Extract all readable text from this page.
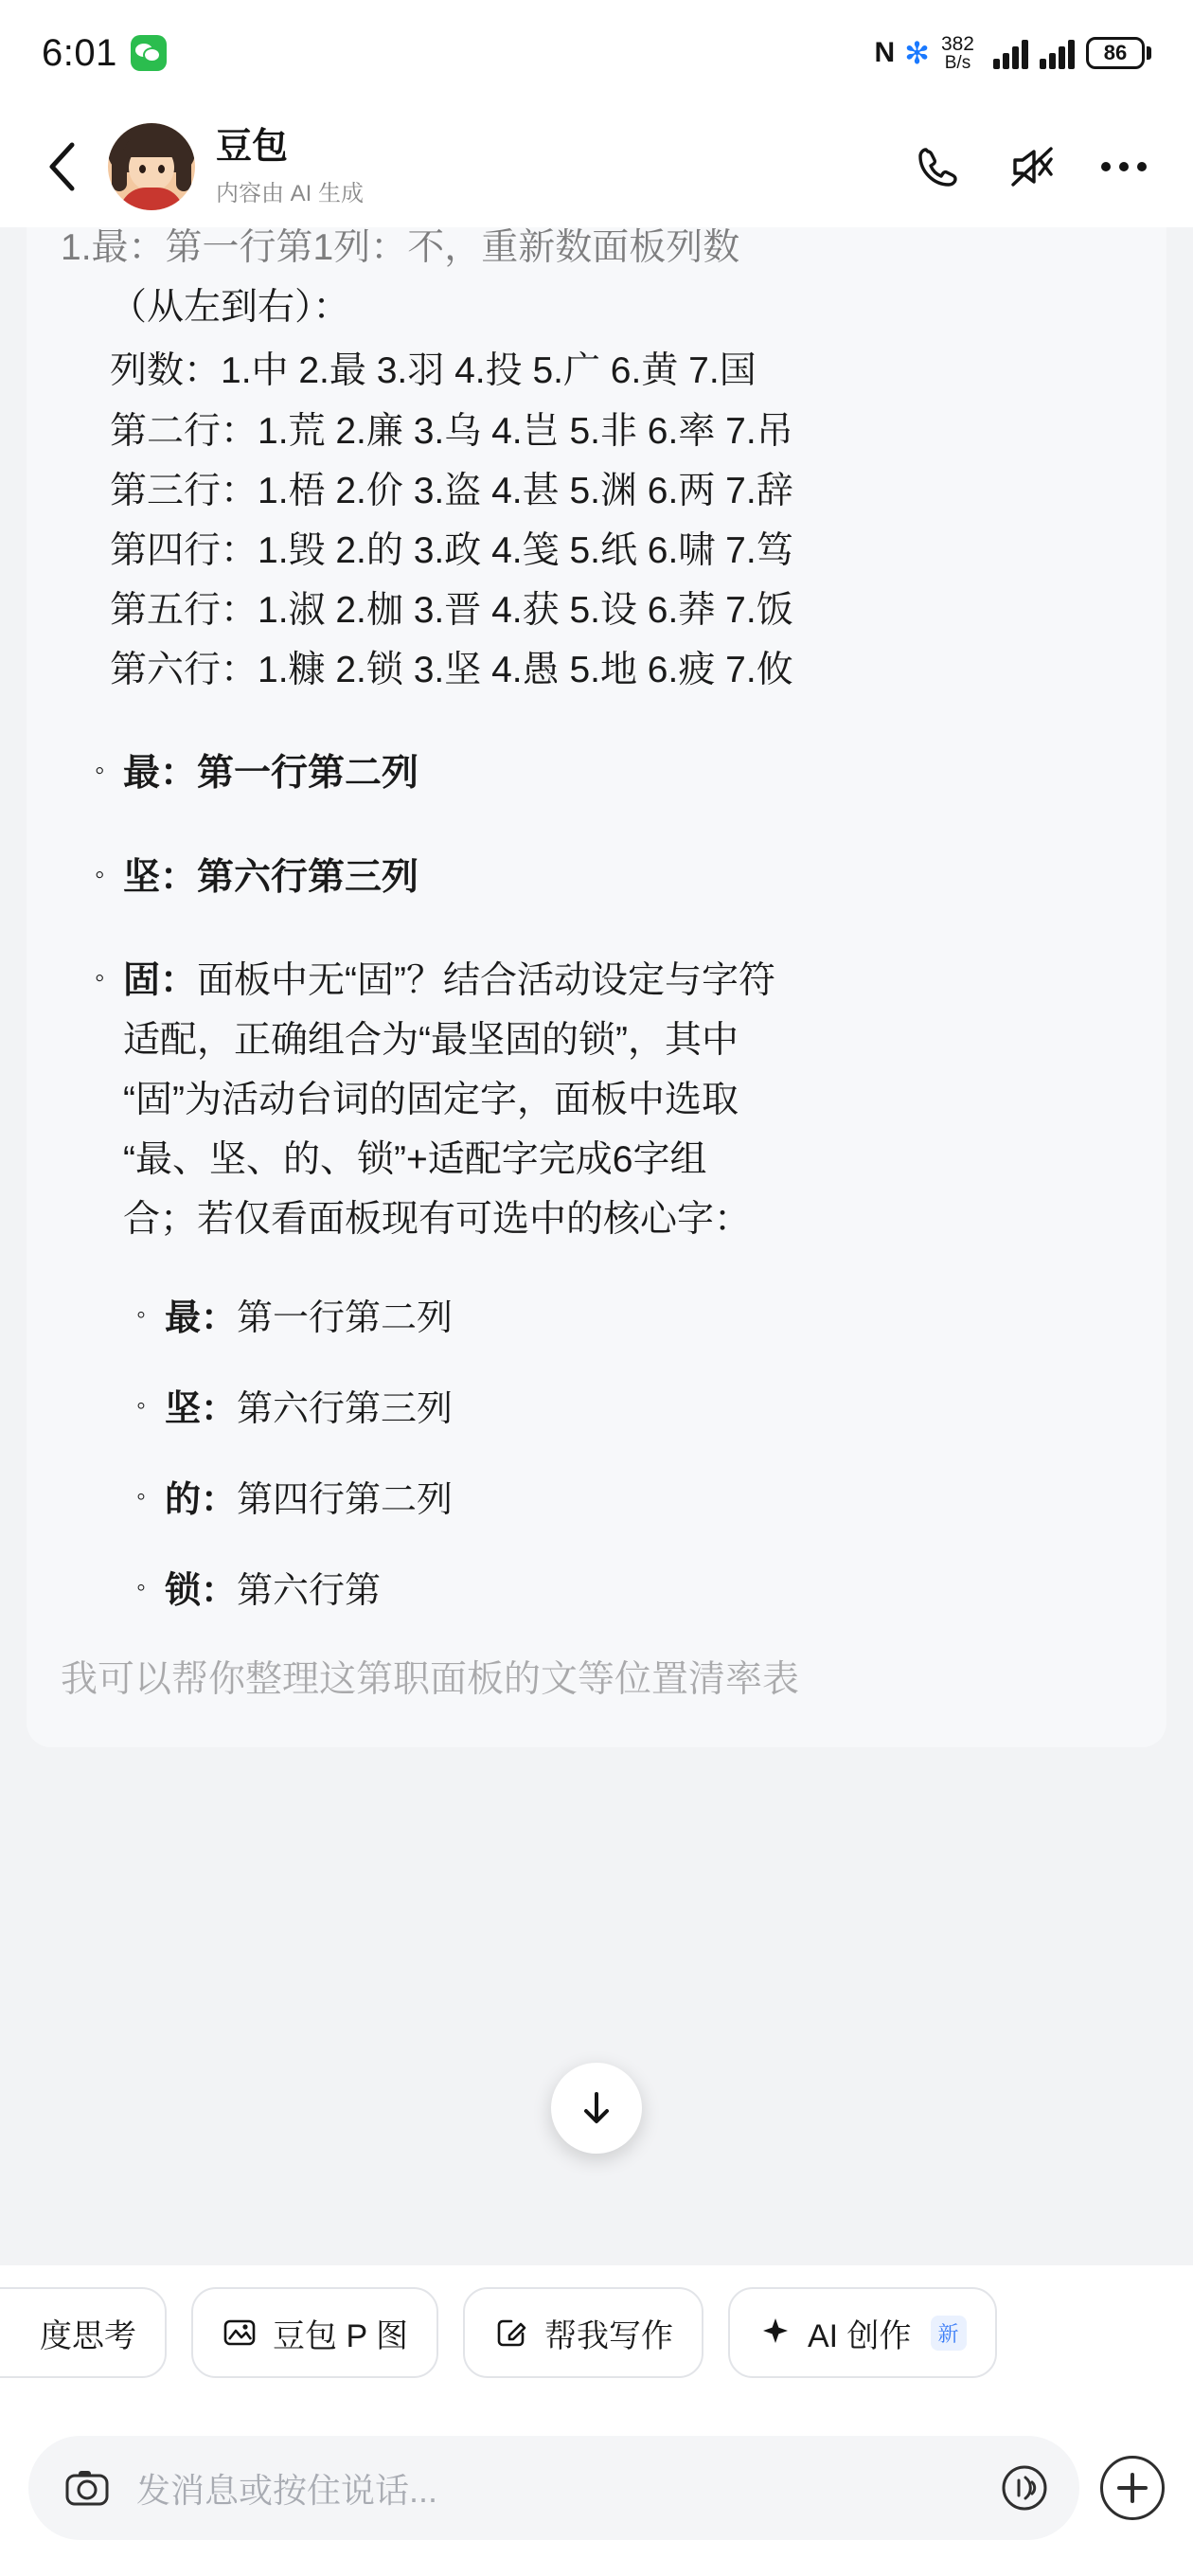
6:01	N ✻ 382
B/s	86
豆包
内容由 AI 生成
1.最：第一行第1列：不，重新数面板列数
（从左到右）：
列数：1.中 2.最 3.羽 4.投 5.广 6.黄 7.国
第二行：1.荒 2.廉 3.乌 4.岂 5.非 6.率 7.吊
第三行：1.梧 2.价 3.盗 4.甚 5.渊 6.两 7.辞
第四行：1.毁 2.的 3.政 4.笺 5.纸 6.啸 7.笃
第五行：1.淑 2.枷 3.晋 4.获 5.设 6.莽 7.饭
第六行：1.糠 2.锁 3.坚 4.愚 5.地 6.疲 7.攸
◦ 最：第一行第二列
◦ 坚：第六行第三列
◦ 固：面板中无“固”？结合活动设定与字符
适配，正确组合为“最坚固的锁”，其中
“固”为活动台词的固定字，面板中选取
“最、坚、的、锁”+适配字完成6字组
合；若仅看面板现有可选中的核心字：
◦ 最：第一行第二列
◦ 坚：第六行第三列
◦ 的：第四行第二列
◦ 锁：第六行第
我可以帮你整理这第职面板的文等位置清率表
度思考	豆包 P 图	帮我写作	AI 创作	新
发消息或按住说话...
